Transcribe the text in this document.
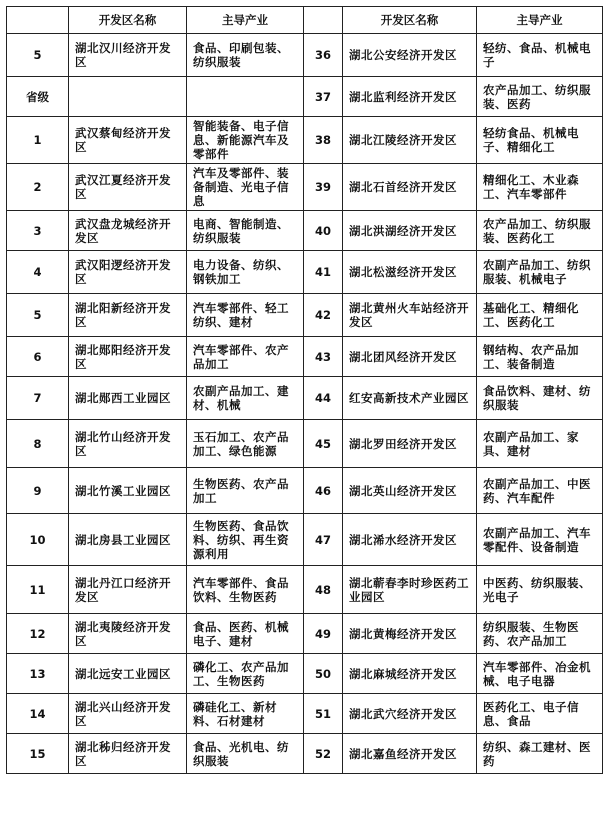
	开发区名称	主导产业		开发区名称	主导产业
5	湖北汉川经济开发区	食品、印刷包装、纺织服装	36	湖北公安经济开发区	轻纺、食品、机械电子
省级			37	湖北监利经济开发区	农产品加工、纺织服装、医药
1	武汉蔡甸经济开发区	智能装备、电子信息、新能源汽车及零部件	38	湖北江陵经济开发区	轻纺食品、机械电子、精细化工
2	武汉江夏经济开发区	汽车及零部件、装备制造、光电子信息	39	湖北石首经济开发区	精细化工、木业森工、汽车零部件
3	武汉盘龙城经济开发区	电商、智能制造、纺织服装	40	湖北洪湖经济开发区	农产品加工、纺织服装、医药化工
4	武汉阳逻经济开发区	电力设备、纺织、钢铁加工	41	湖北松滋经济开发区	农副产品加工、纺织服装、机械电子
5	湖北阳新经济开发区	汽车零部件、轻工纺织、建材	42	湖北黄州火车站经济开发区	基础化工、精细化工、医药化工
6	湖北郧阳经济开发区	汽车零部件、农产品加工	43	湖北团风经济开发区	钢结构、农产品加工、装备制造
7	湖北郧西工业园区	农副产品加工、建材、机械	44	红安高新技术产业园区	食品饮料、建材、纺织服装
8	湖北竹山经济开发区	玉石加工、农产品加工、绿色能源	45	湖北罗田经济开发区	农副产品加工、家具、建材
9	湖北竹溪工业园区	生物医药、农产品加工	46	湖北英山经济开发区	农副产品加工、中医药、汽车配件
10	湖北房县工业园区	生物医药、食品饮料、纺织、再生资源利用	47	湖北浠水经济开发区	农副产品加工、汽车零配件、设备制造
11	湖北丹江口经济开发区	汽车零部件、食品饮料、生物医药	48	湖北蕲春李时珍医药工业园区	中医药、纺织服装、光电子
12	湖北夷陵经济开发区	食品、医药、机械电子、建材	49	湖北黄梅经济开发区	纺织服装、生物医药、农产品加工
13	湖北远安工业园区	磷化工、农产品加工、生物医药	50	湖北麻城经济开发区	汽车零部件、冶金机械、电子电器
14	湖北兴山经济开发区	磷硅化工、新材料、石材建材	51	湖北武穴经济开发区	医药化工、电子信息、食品
15	湖北秭归经济开发区	食品、光机电、纺织服装	52	湖北嘉鱼经济开发区	纺织、森工建材、医药
